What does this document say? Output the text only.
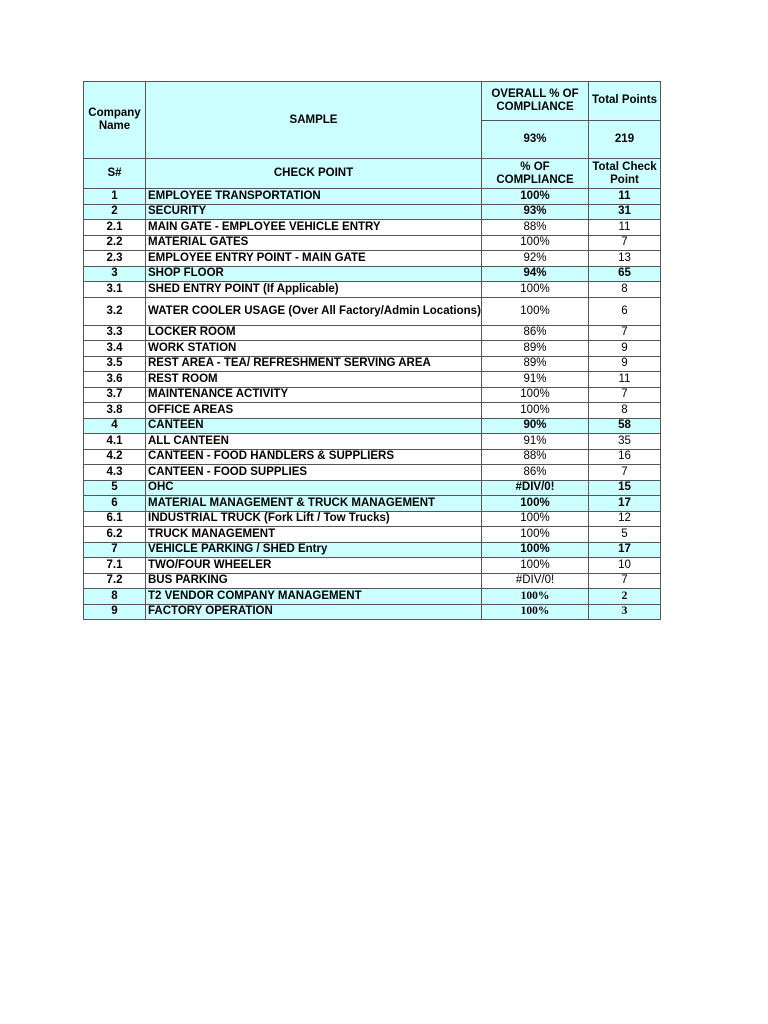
Company Name	SAMPLE	OVERALL % OF COMPLIANCE	Total Points
		93%	219
S#	CHECK POINT	% OF COMPLIANCE	Total Check Point
1	EMPLOYEE TRANSPORTATION	100%	11
2	SECURITY	93%	31
2.1	MAIN GATE - EMPLOYEE VEHICLE ENTRY	88%	11
2.2	MATERIAL GATES	100%	7
2.3	EMPLOYEE ENTRY POINT - MAIN GATE	92%	13
3	SHOP FLOOR	94%	65
3.1	SHED ENTRY POINT (If Applicable)	100%	8
3.2	WATER COOLER USAGE (Over All Factory/Admin Locations)	100%	6
3.3	LOCKER ROOM	86%	7
3.4	WORK STATION	89%	9
3.5	REST AREA - TEA/ REFRESHMENT SERVING AREA	89%	9
3.6	REST ROOM	91%	11
3.7	MAINTENANCE ACTIVITY	100%	7
3.8	OFFICE AREAS	100%	8
4	CANTEEN	90%	58
4.1	ALL CANTEEN	91%	35
4.2	CANTEEN - FOOD HANDLERS & SUPPLIERS	88%	16
4.3	CANTEEN - FOOD SUPPLIES	86%	7
5	OHC	#DIV/0!	15
6	MATERIAL MANAGEMENT & TRUCK MANAGEMENT	100%	17
6.1	INDUSTRIAL TRUCK (Fork Lift / Tow Trucks)	100%	12
6.2	TRUCK MANAGEMENT	100%	5
7	VEHICLE PARKING / SHED Entry	100%	17
7.1	TWO/FOUR WHEELER	100%	10
7.2	BUS PARKING	#DIV/0!	7
8	T2 VENDOR COMPANY MANAGEMENT	100%	2
9	FACTORY OPERATION	100%	3
